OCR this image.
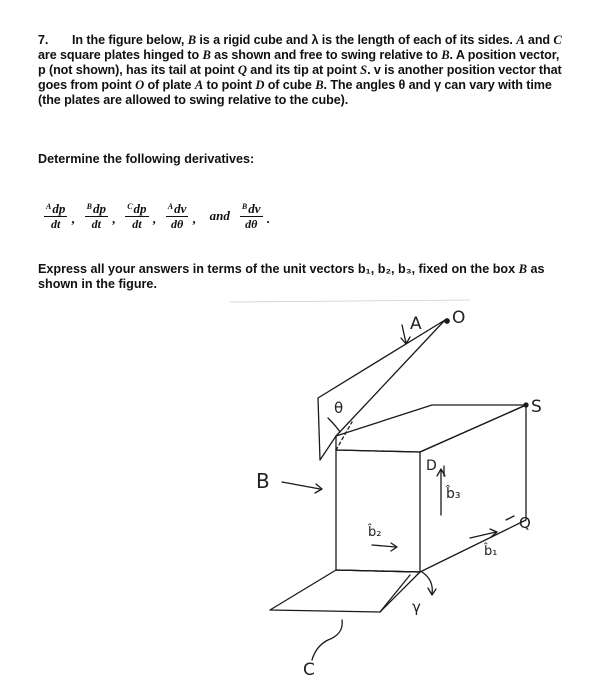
7. In the figure below, B is a rigid cube and λ is the length of each of its sides. A and C are square plates hinged to B as shown and free to swing relative to B. A position vector, p (not shown), has its tail at point Q and its tip at point S. v is another position vector that goes from point O of plate A to point D of cube B. The angles θ and γ can vary with time (the plates are allowed to swing relative to the cube).
Determine the following derivatives:
$\frac{\text{A dp}}{dt}$ , $\frac{\text{B dp}}{dt}$ , $\frac{\text{C dp}}{dt}$ , $\frac{\text{A dv}}{d\theta}$ , and $\frac{\text{B dv}}{d\theta}$ .
Express all your answers in terms of the unit vectors b₁, b₂, b₃, fixed on the box B as shown in the figure.
A O
θ	S
D
B
b̂₃
Q
b̂₂
b̂₁
γ
C
